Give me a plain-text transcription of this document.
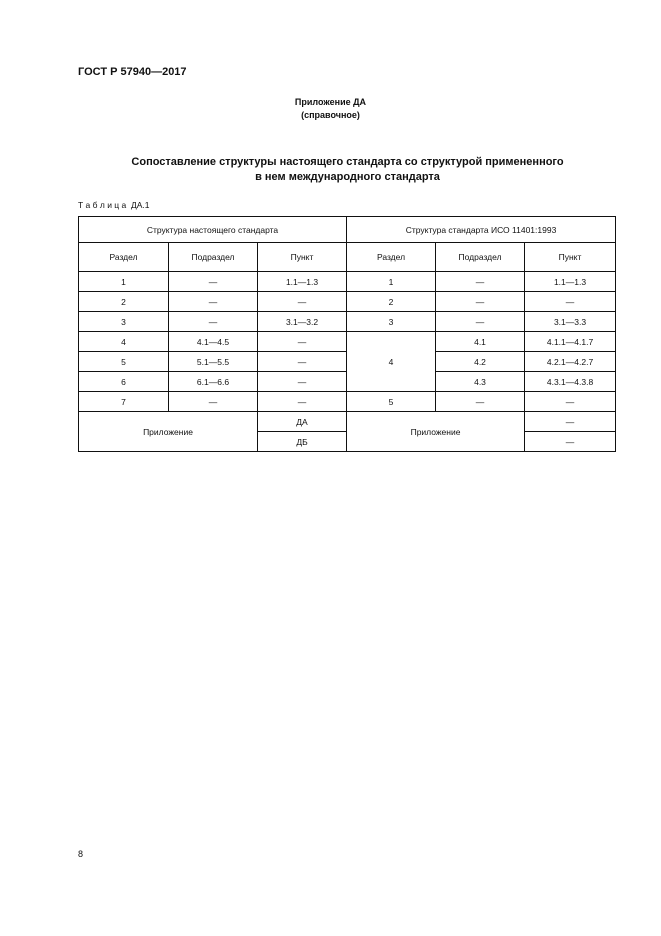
ГОСТ Р 57940—2017
Приложение ДА
(справочное)
Сопоставление структуры настоящего стандарта со структурой примененного
в нем международного стандарта
Т а б л и ц а  ДА.1
Структура настоящего стандарта			Структура стандарта ИСО 11401:1993		
Раздел	Подраздел	Пункт	Раздел	Подраздел	Пункт
1	—	1.1—1.3	1	—	1.1—1.3
2	—	—	2	—	—
3	—	3.1—3.2	3	—	3.1—3.3
4	4.1—4.5	—	4	4.1	4.1.1—4.1.7
5	5.1—5.5	—		4.2	4.2.1—4.2.7
6	6.1—6.6	—		4.3	4.3.1—4.3.8
7	—	—	5	—	—
Приложение		ДА	Приложение		—
		ДБ			—
8
